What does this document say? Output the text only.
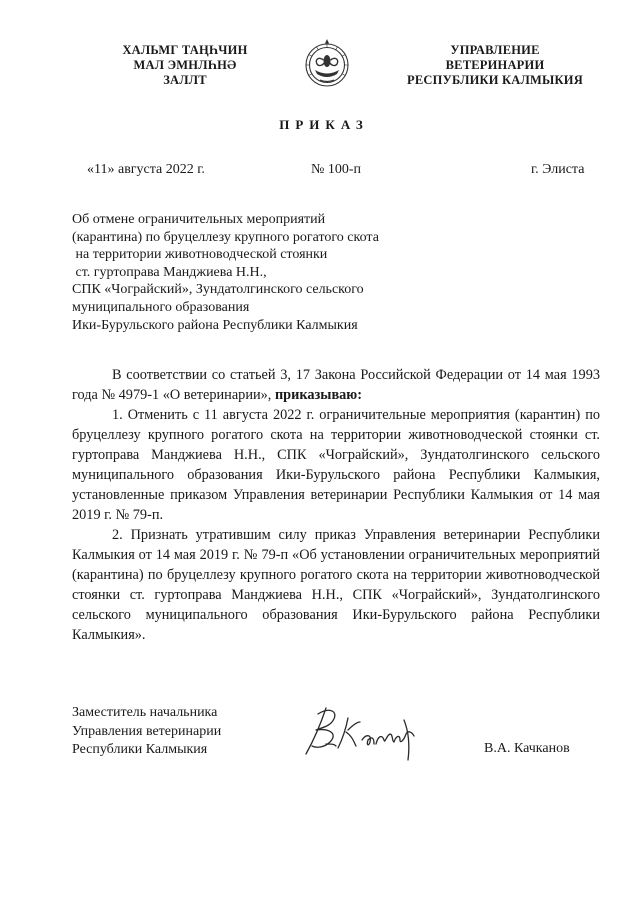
ХАЛЬМГ ТАҢҺЧИН
МАЛ ЭМНЛҺНӘ
ЗАЛЛТ
УПРАВЛЕНИЕ
ВЕТЕРИНАРИИ
РЕСПУБЛИКИ КАЛМЫКИЯ
ПРИКАЗ
«11» августа 2022 г.	№ 100-п	г. Элиста
Об отмене ограничительных мероприятий
(карантина) по бруцеллезу крупного рогатого скота
на территории животноводческой стоянки
ст. гуртоправа Манджиева Н.Н.,
СПК «Чограйский», Зундатолгинского сельского
муниципального образования
Ики-Бурульского района Республики Калмыкия

В соответствии со статьей 3, 17 Закона Российской Федерации от 14 мая 1993 года № 4979-1 «О ветеринарии», приказываю:

1. Отменить с 11 августа 2022 г. ограничительные мероприятия (карантин) по бруцеллезу крупного рогатого скота на территории животноводческой стоянки ст. гуртоправа Манджиева Н.Н., СПК «Чограйский», Зундатолгинского сельского муниципального образования Ики-Бурульского района Республики Калмыкия, установленные приказом Управления ветеринарии Республики Калмыкия от 14 мая 2019 г. № 79-п.

2. Признать утратившим силу приказ Управления ветеринарии Республики Калмыкия от 14 мая 2019 г. № 79-п «Об установлении ограничительных мероприятий (карантина) по бруцеллезу крупного рогатого скота на территории животноводческой стоянки ст. гуртоправа Манджиева Н.Н., СПК «Чограйский», Зундатолгинского сельского муниципального образования Ики-Бурульского района Республики Калмыкия».

Заместитель начальника
Управления ветеринарии
Республики Калмыкия	В.А. Качканов
